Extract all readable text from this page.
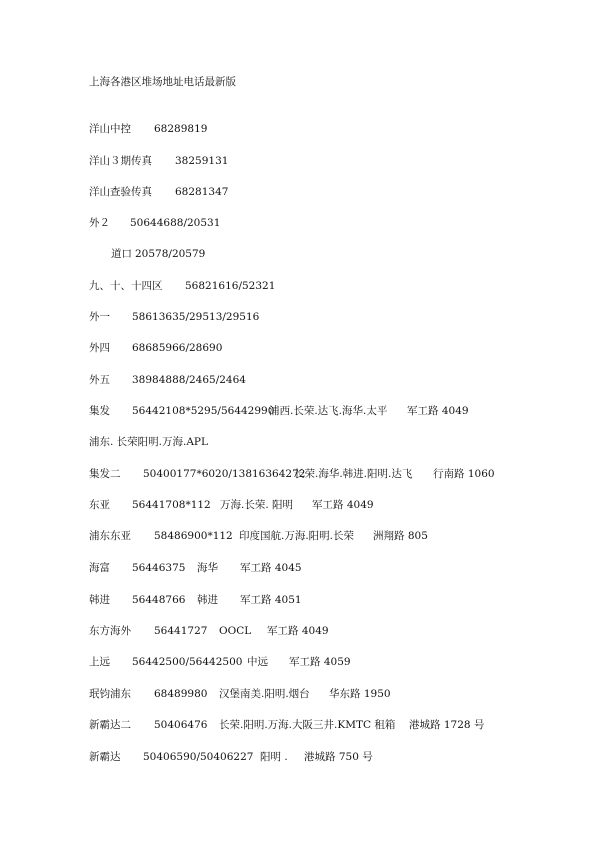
上海各港区堆场地址电话最新版
洋山中控 68289819
洋山３期传真 38259131
洋山查验传真 68281347
外２ 50644688/20531
道口 20578/20579
九、十、十四区 56821616/52321
外一 58613635/29513/29516
外四 68685966/28690
外五 38984888/2465/2464
集发 56442108*5295/56442990
浦西.长荣.达飞.海华.太平 军工路 4049
浦东. 长荣阳明.万海.APL
集发二 50400177*6020/13816364272
长荣.海华.韩进.阳明.达飞 行南路 1060
东亚 56441708*112 万海.长荣. 阳明 军工路 4049
浦东东亚 58486900*112 印度国航.万海.阳明.长荣 洲翔路 805
海富 56446375 海华 军工路 4045
韩进 56448766 韩进 军工路 4051
东方海外 56441727 OOCL 军工路 4049
上远 56442500/56442500 中远 军工路 4059
珉钧浦东 68489980 汉堡南美.阳明.烟台 华东路 1950
新霸达二 50406476 长荣.阳明.万海.大阪三井.KMTC 租箱 港城路 1728 号
新霸达 50406590/50406227 阳明 . 港城路 750 号
